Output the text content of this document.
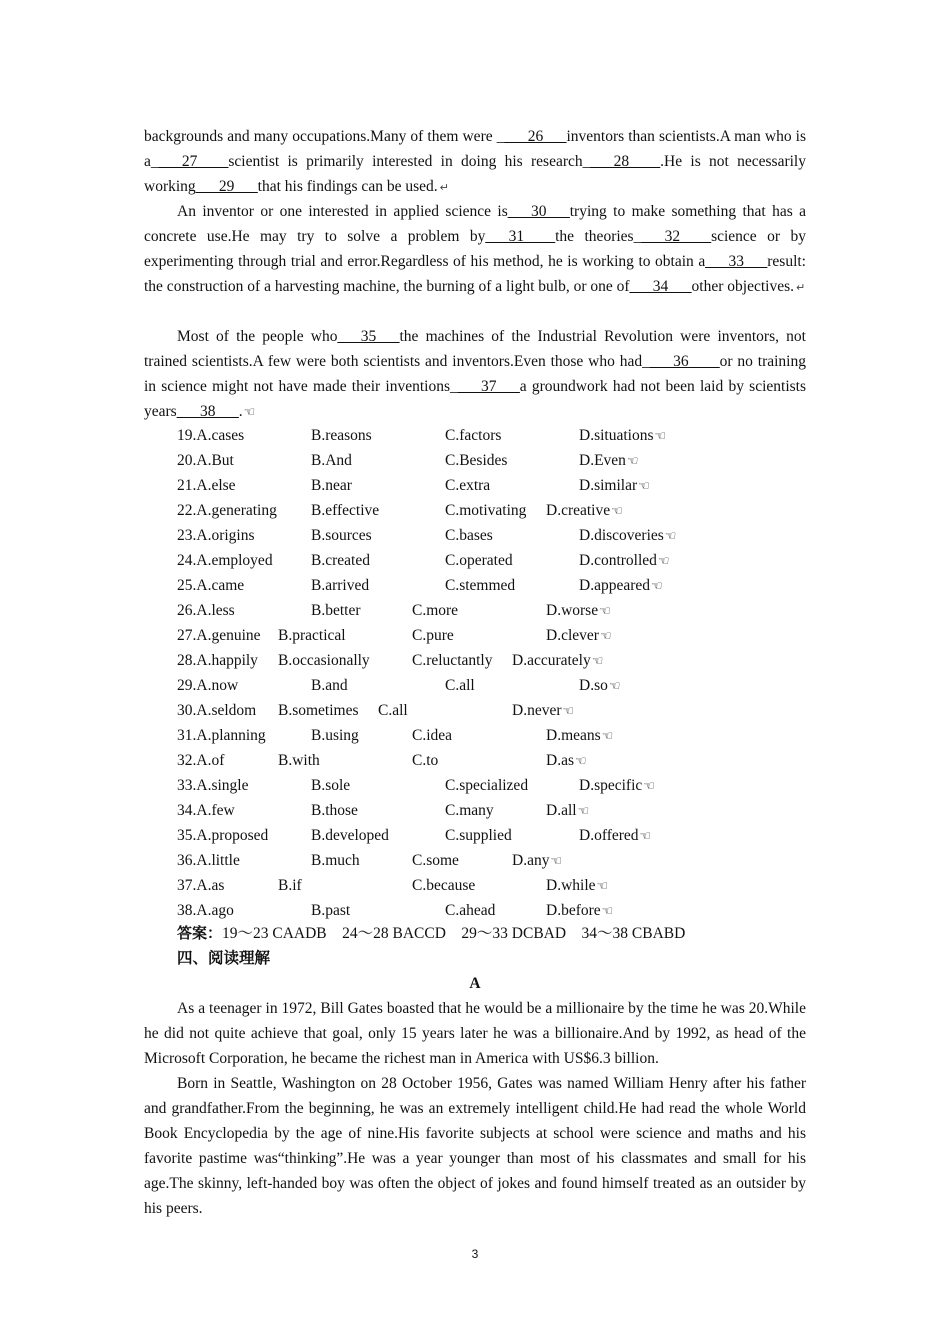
backgrounds and many occupations.Many of them were ____26___inventors than scientists.A man who is a____27____scientist is primarily interested in doing his research____28____.He is not necessarily working___29___that his findings can be used. ↵
An inventor or one interested in applied science is___30___trying to make something that has a concrete use.He may try to solve a problem by___31____the theories____32____science or by experimenting through trial and error.Regardless of his method, he is working to obtain a___33___result: the construction of a harvesting machine, the burning of a light bulb, or one of___34___other objectives. ↵
Most of the people who___35___the machines of the Industrial Revolution were inventors, not trained scientists.A few were both scientists and inventors.Even those who had____36____or no training in science might not have made their inventions____37___a groundwork had not been laid by scientists years___38___.☜
19.A.cases	B.reasons	C.factors	D.situations☜
20.A.But	B.And	C.Besides	D.Even☜
21.A.else	B.near	C.extra	D.similar☜
22.A.generating B.effective	C.motivating D.creative☜
23.A.origins	B.sources	C.bases	D.discoveries☜
24.A.employed B.created	C.operated	D.controlled☜
25.A.came	B.arrived	C.stemmed	D.appeared☜
26.A.less	B.better	C.more	D.worse☜
27.A.genuine B.practical	C.pure	D.clever☜
28.A.happily B.occasionally	C.reluctantly D.accurately☜
29.A.now	B.and	C.all	D.so☜
30.A.seldom B.sometimes C.all	D.never☜
31.A.planning	B.using	C.idea	D.means☜
32.A.of	B.with	C.to	D.as☜
33.A.single	B.sole	C.specialized	D.specific☜
34.A.few	B.those	C.many	D.all☜
35.A.proposed	B.developed	C.supplied	D.offered☜
36.A.little	B.much	C.some	D.any☜
37.A.as	B.if	C.because	D.while☜
38.A.ago	B.past	C.ahead	D.before☜
答案：19～23 CAADB　24～28 BACCD　29～33 DCBAD　34～38 CBABD
四、阅读理解
A
As a teenager in 1972, Bill Gates boasted that he would be a millionaire by the time he was 20.While he did not quite achieve that goal, only 15 years later he was a billionaire.And by 1992, as head of the Microsoft Corporation, he became the richest man in America with US$6.3 billion.
Born in Seattle, Washington on 28 October 1956, Gates was named William Henry after his father and grandfather.From the beginning, he was an extremely intelligent child.He had read the whole World Book Encyclopedia by the age of nine.His favorite subjects at school were science and maths and his favorite pastime was“thinking”.He was a year younger than most of his classmates and small for his age.The skinny, left-handed boy was often the object of jokes and found himself treated as an outsider by his peers.
3
